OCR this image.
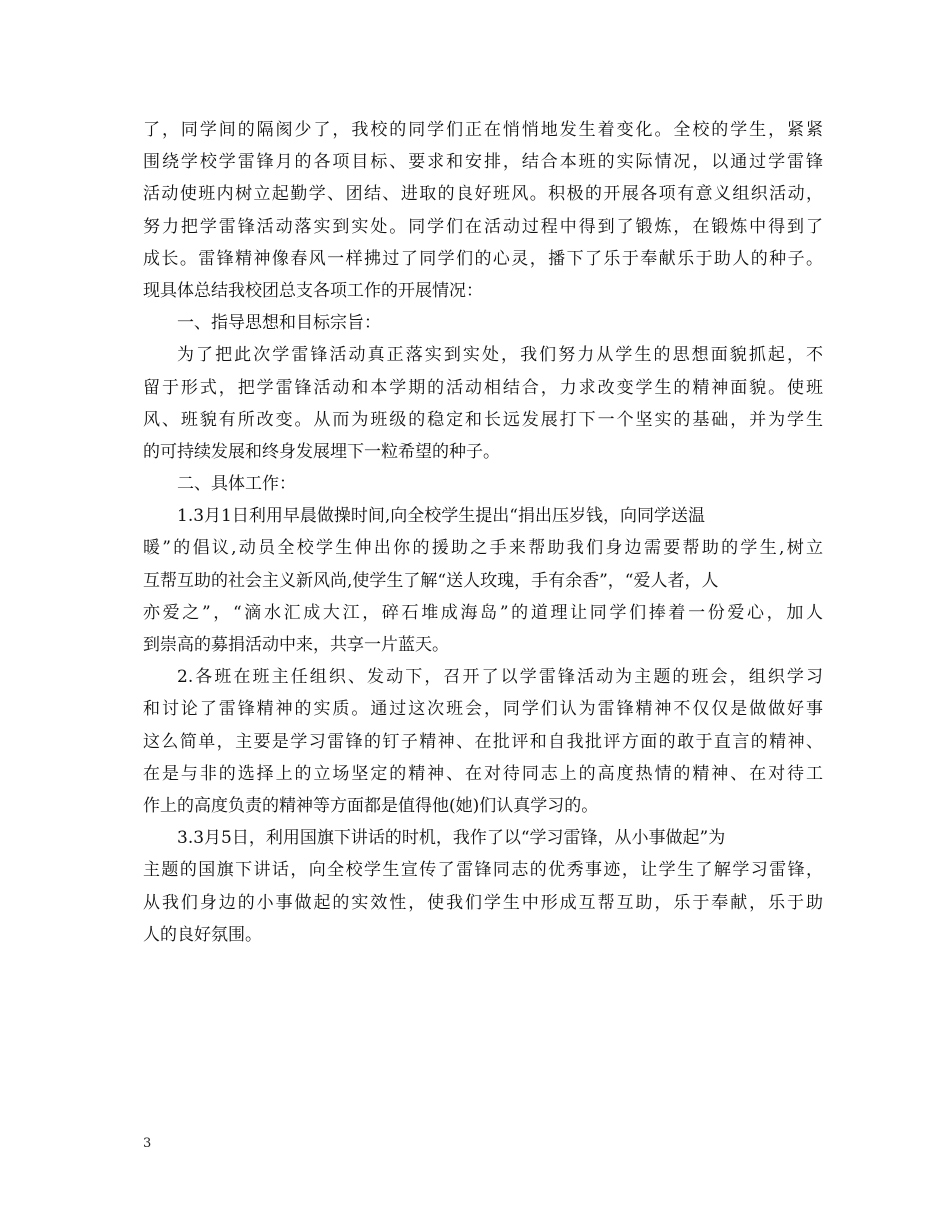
了，同学间的隔阂少了，我校的同学们正在悄悄地发生着变化。全校的学生，紧紧
围绕学校学雷锋月的各项目标、要求和安排，结合本班的实际情况，以通过学雷锋
活动使班内树立起勤学、团结、进取的良好班风。积极的开展各项有意义组织活动，
努力把学雷锋活动落实到实处。同学们在活动过程中得到了锻炼，在锻炼中得到了
成长。雷锋精神像春风一样拂过了同学们的心灵，播下了乐于奉献乐于助人的种子。
现具体总结我校团总支各项工作的开展情况：
一、指导思想和目标宗旨：
为了把此次学雷锋活动真正落实到实处，我们努力从学生的思想面貌抓起，不
留于形式，把学雷锋活动和本学期的活动相结合，力求改变学生的精神面貌。使班
风、班貌有所改变。从而为班级的稳定和长远发展打下一个坚实的基础，并为学生
的可持续发展和终身发展埋下一粒希望的种子。
二、具体工作：
1.3月1日利用早晨做操时间,向全校学生提出“捐出压岁钱，向同学送温
暖”的倡议,动员全校学生伸出你的援助之手来帮助我们身边需要帮助的学生,树立
互帮互助的社会主义新风尚,使学生了解“送人玫瑰，手有余香”，“爱人者，人
亦爱之”，“滴水汇成大江，碎石堆成海岛”的道理让同学们捧着一份爱心，加人
到崇高的募捐活动中来，共享一片蓝天。
2.各班在班主任组织、发动下，召开了以学雷锋活动为主题的班会，组织学习
和讨论了雷锋精神的实质。通过这次班会，同学们认为雷锋精神不仅仅是做做好事
这么简单，主要是学习雷锋的钉子精神、在批评和自我批评方面的敢于直言的精神、
在是与非的选择上的立场坚定的精神、在对待同志上的高度热情的精神、在对待工
作上的高度负责的精神等方面都是值得他(她)们认真学习的。
3.3月5日，利用国旗下讲话的时机，我作了以“学习雷锋，从小事做起”为
主题的国旗下讲话，向全校学生宣传了雷锋同志的优秀事迹，让学生了解学习雷锋，
从我们身边的小事做起的实效性，使我们学生中形成互帮互助，乐于奉献，乐于助
人的良好氛围。
3
